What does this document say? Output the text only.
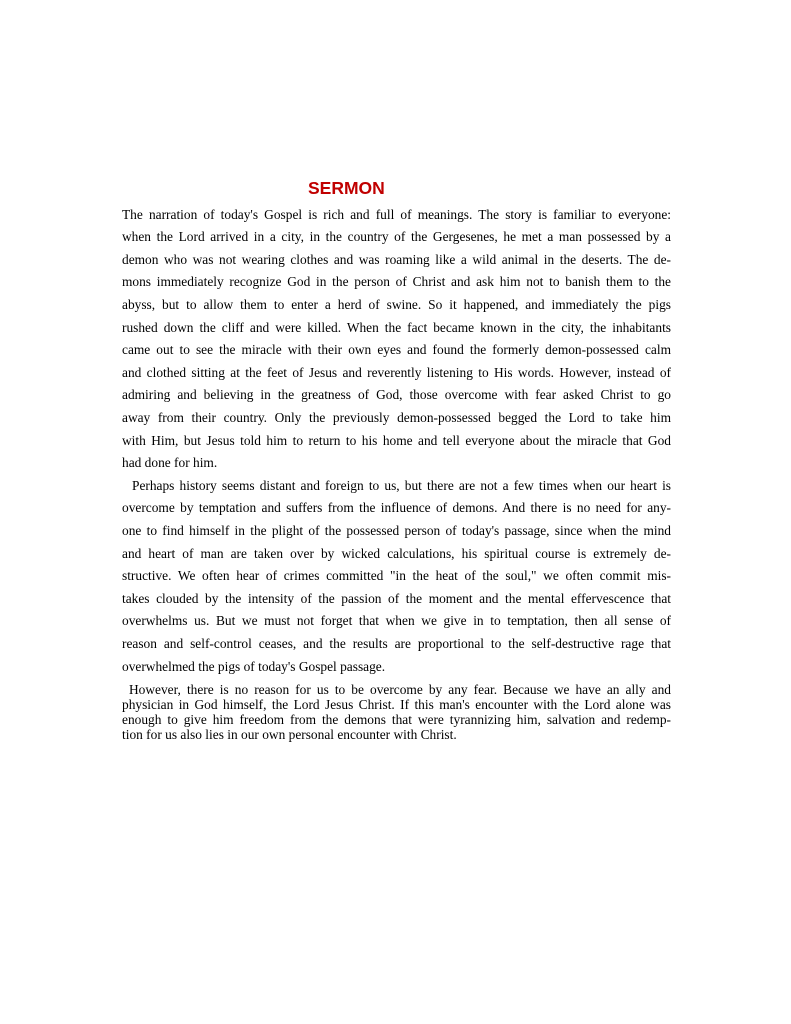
SERMON
The narration of today's Gospel is rich and full of meanings. The story is familiar to everyone:
when the Lord arrived in a city, in the country of the Gergesenes, he met a man possessed by a
demon who was not wearing clothes and was roaming like a wild animal in the deserts. The de-
mons immediately recognize God in the person of Christ and ask him not to banish them to the
abyss, but to allow them to enter a herd of swine. So it happened, and immediately the pigs
rushed down the cliff and were killed. When the fact became known in the city, the inhabitants
came out to see the miracle with their own eyes and found the formerly demon-possessed calm
and clothed sitting at the feet of Jesus and reverently listening to His words. However, instead of
admiring and believing in the greatness of God, those overcome with fear asked Christ to go
away from their country. Only the previously demon-possessed begged the Lord to take him
with Him, but Jesus told him to return to his home and tell everyone about the miracle that God
had done for him.
Perhaps history seems distant and foreign to us, but there are not a few times when our heart is
overcome by temptation and suffers from the influence of demons. And there is no need for any-
one to find himself in the plight of the possessed person of today's passage, since when the mind
and heart of man are taken over by wicked calculations, his spiritual course is extremely de-
structive. We often hear of crimes committed "in the heat of the soul," we often commit mis-
takes clouded by the intensity of the passion of the moment and the mental effervescence that
overwhelms us. But we must not forget that when we give in to temptation, then all sense of
reason and self-control ceases, and the results are proportional to the self-destructive rage that
overwhelmed the pigs of today's Gospel passage.
However, there is no reason for us to be overcome by any fear. Because we have an ally and
physician in God himself, the Lord Jesus Christ. If this man's encounter with the Lord alone was
enough to give him freedom from the demons that were tyrannizing him, salvation and redemp-
tion for us also lies in our own personal encounter with Christ.
